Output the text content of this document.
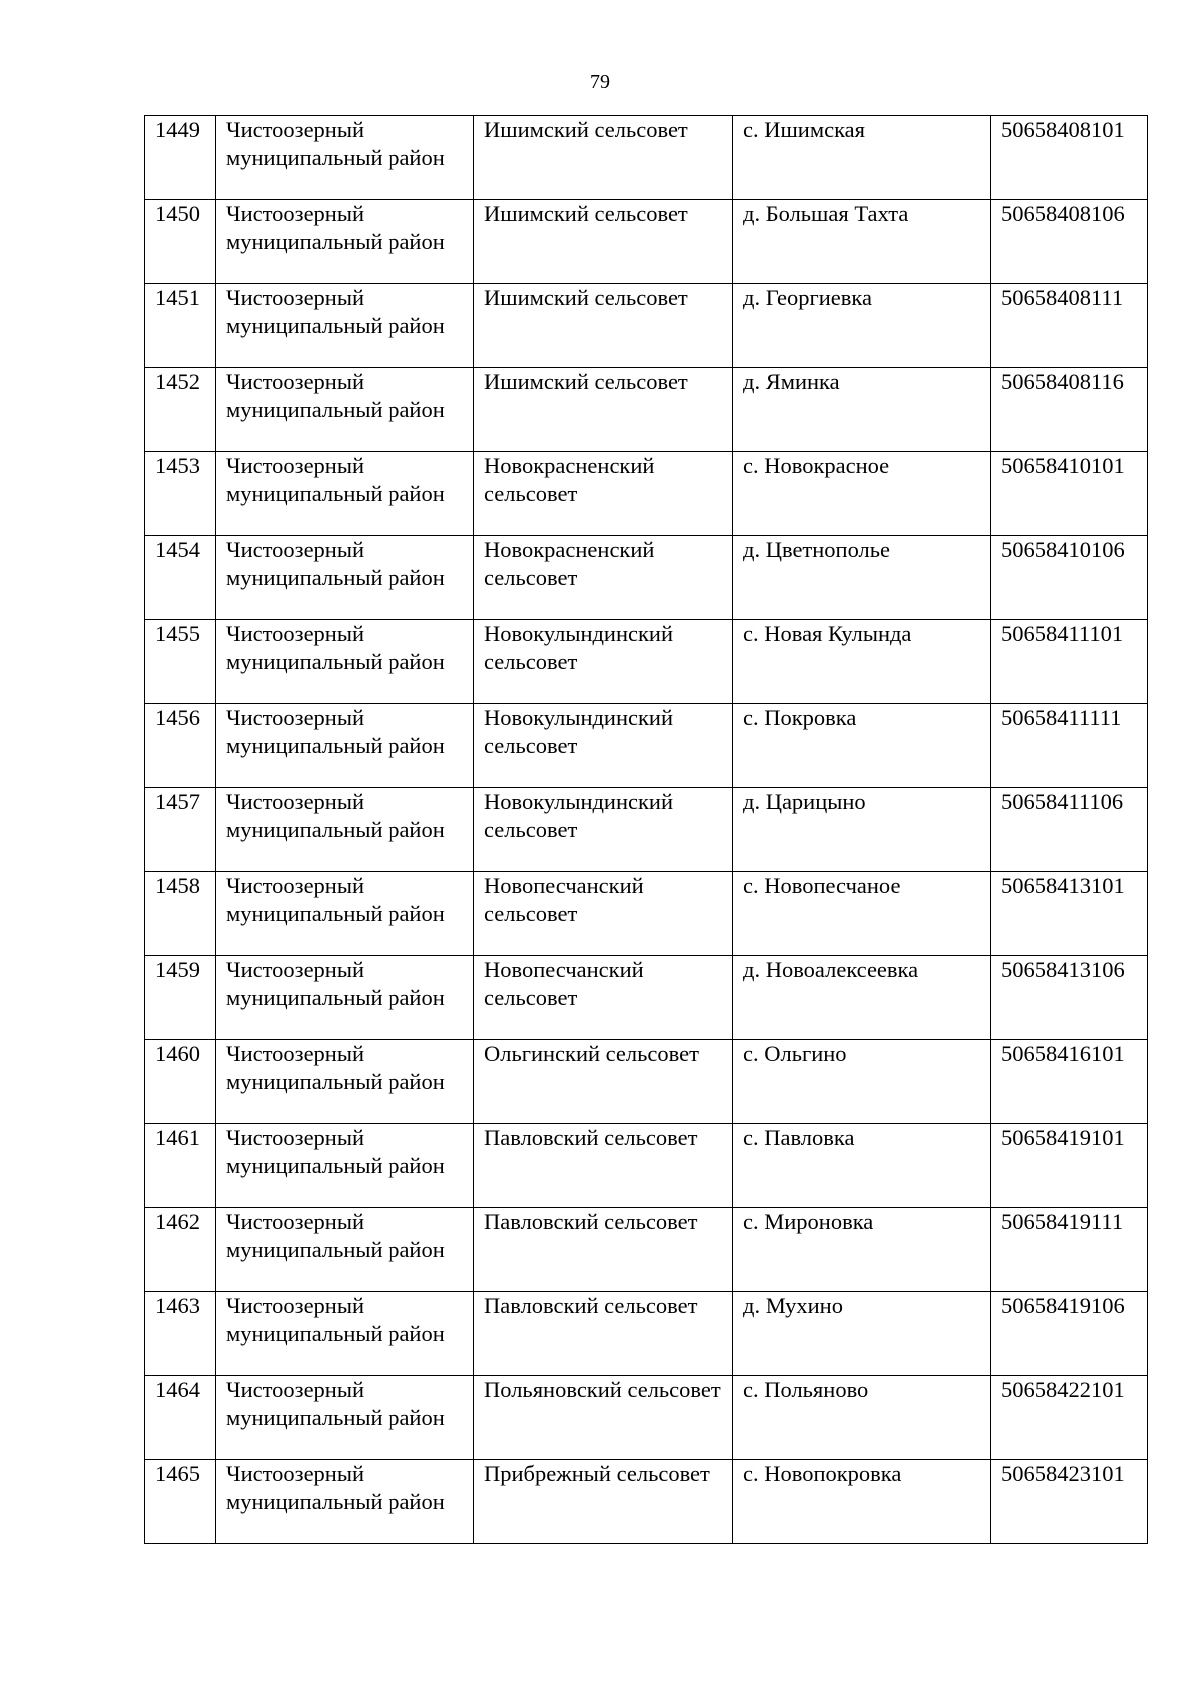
79
1449	Чистоозерный муниципальный район	Ишимский сельсовет	с. Ишимская	50658408101

1450	Чистоозерный муниципальный район	Ишимский сельсовет	д. Большая Тахта	50658408106

1451	Чистоозерный муниципальный район	Ишимский сельсовет	д. Георгиевка	50658408111

1452	Чистоозерный муниципальный район	Ишимский сельсовет	д. Яминка	50658408116

1453	Чистоозерный муниципальный район	Новокрасненский сельсовет	с. Новокрасное	50658410101

1454	Чистоозерный муниципальный район	Новокрасненский сельсовет	д. Цветнополье	50658410106

1455	Чистоозерный муниципальный район	Новокулындинский сельсовет	с. Новая Кулында	50658411101

1456	Чистоозерный муниципальный район	Новокулындинский сельсовет	с. Покровка	50658411111

1457	Чистоозерный муниципальный район	Новокулындинский сельсовет	д. Царицыно	50658411106

1458	Чистоозерный муниципальный район	Новопесчанский сельсовет	с. Новопесчаное	50658413101

1459	Чистоозерный муниципальный район	Новопесчанский сельсовет	д. Новоалексеевка	50658413106

1460	Чистоозерный муниципальный район	Ольгинский сельсовет	с. Ольгино	50658416101

1461	Чистоозерный муниципальный район	Павловский сельсовет	с. Павловка	50658419101

1462	Чистоозерный муниципальный район	Павловский сельсовет	с. Мироновка	50658419111

1463	Чистоозерный муниципальный район	Павловский сельсовет	д. Мухино	50658419106

1464	Чистоозерный муниципальный район	Польяновский сельсовет	с. Польяново	50658422101

1465	Чистоозерный муниципальный район	Прибрежный сельсовет	с. Новопокровка	50658423101
